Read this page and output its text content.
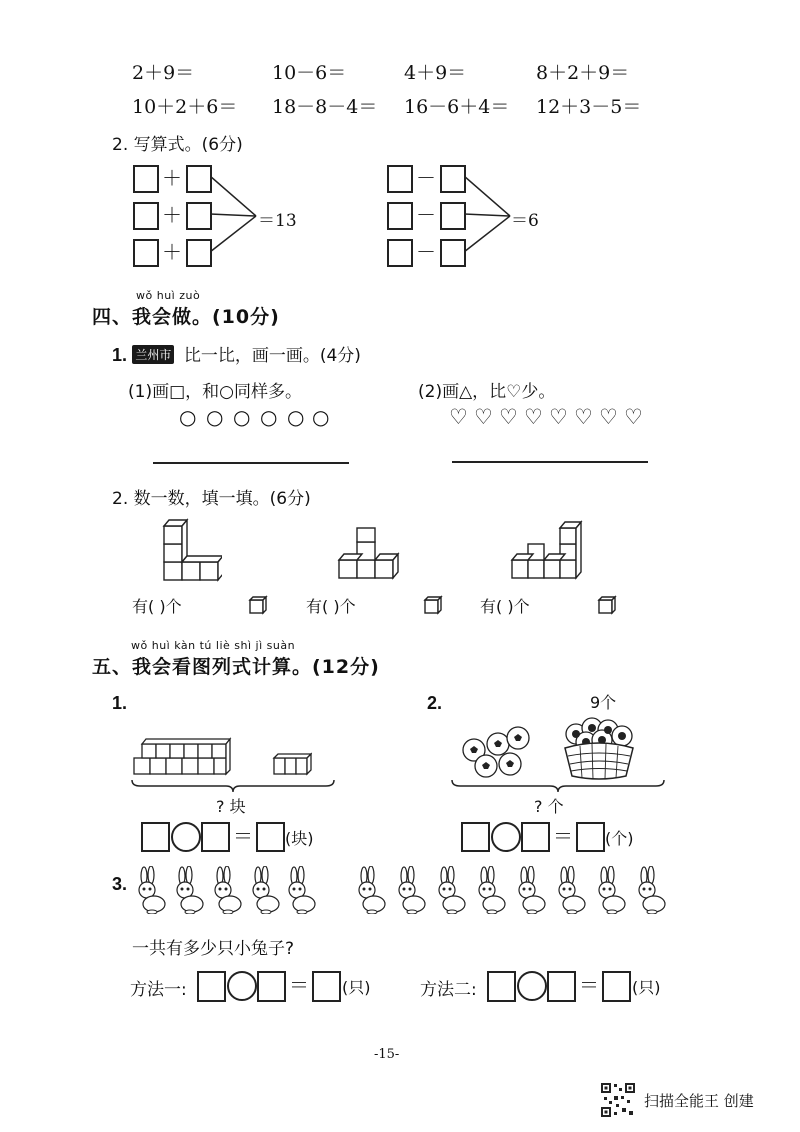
2＋9＝	10－6＝	4＋9＝	8＋2＋9＝
10＋2＋6＝ 18－8－4＝ 16－6＋4＝ 12＋3－5＝
2. 写算式。(6分)
＋
＋
＋
＝13
－
－
－
＝6
wǒ huì zuò
四、我会做。(10分)
1. 兰州市 比一比，画一画。(4分)
(1)画□，和○同样多。	(2)画△，比♡少。
○ ○ ○ ○ ○ ○	♡ ♡ ♡ ♡ ♡ ♡ ♡ ♡
2. 数一数，填一填。(6分)
有( )个	有( )个	有( )个
wǒ huì kàn tú liè shì jì suàn
五、我会看图列式计算。(12分)
1.	2.
? 块
9个
? 个
＝ (块)	＝ (个)
3.
一共有多少只小兔子?
方法一:	＝ (只)	方法二:	＝ (只)
-15-
扫描全能王 创建
